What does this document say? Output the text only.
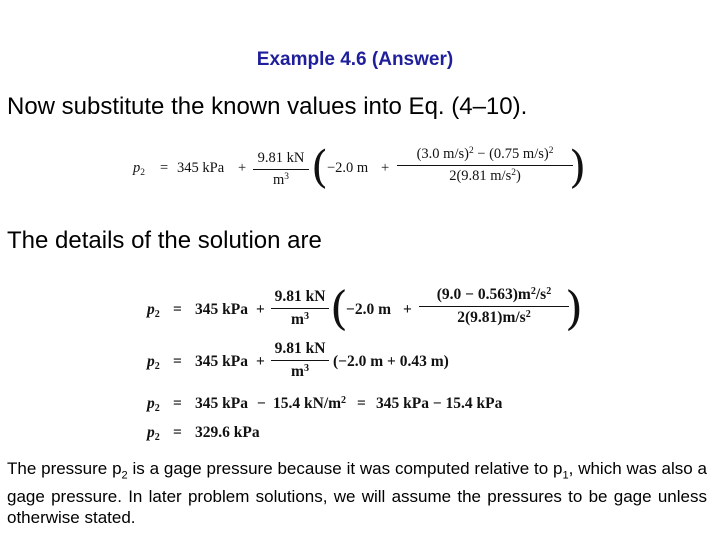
Example 4.6 (Answer)
Now substitute the known values into Eq. (4–10).
$p_2 = 345$ kPa +
9.81 kN
$m^3$ (
−2.0 m +
(3.0 m/s)$^2$ − (0.75 m/s)$^2$
2(9.81 $m/s^2$)	)
The details of the solution are
$p_2 = 345$ kPa +
9.81 kN
$m^3$ (
−2.0 m +
$(9.0 - 0.563)m^2/s^2$
$2(9.81)m/s^2$ )
$p_2 = 345$ kPa +
9.81 kN
$m^3$	(−2.0 m + 0.43 m)
$p_2 = 345$ kPa − 15.4 $kN/m^2 = 345$ kPa − 15.4 kPa
$p_2 = 329.6$ kPa
The pressure $p_2$ is a gage pressure because it was computed relative to $p_1$, which was also a gage pressure. In later problem solutions, we will assume the pressures to be gage unless otherwise stated.
